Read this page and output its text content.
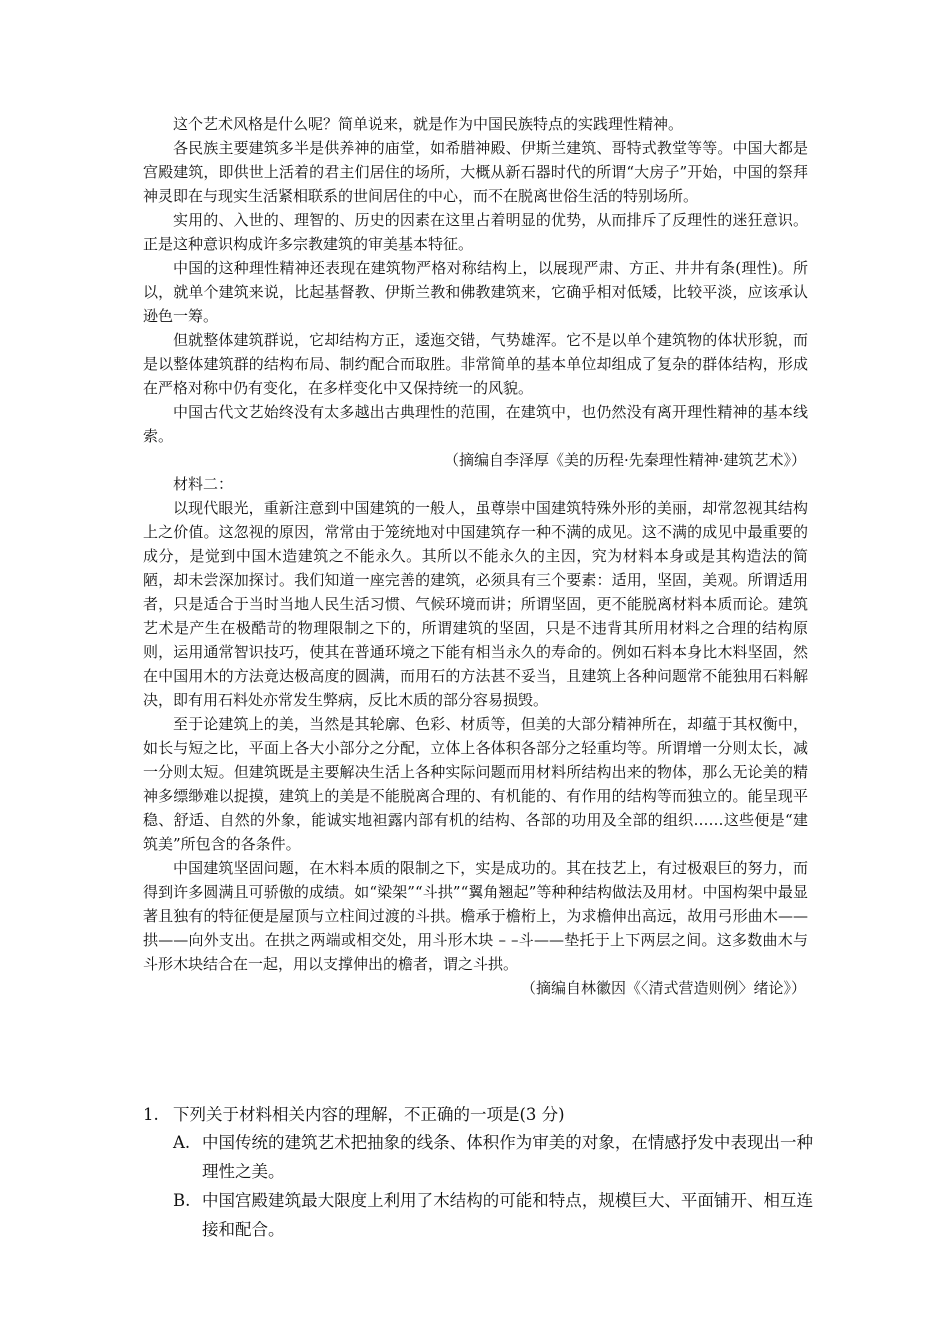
这个艺术风格是什么呢？简单说来，就是作为中国民族特点的实践理性精神。

各民族主要建筑多半是供养神的庙堂，如希腊神殿、伊斯兰建筑、哥特式教堂等等。中国大都是宫殿建筑，即供世上活着的君主们居住的场所，大概从新石器时代的所谓“大房子”开始，中国的祭拜神灵即在与现实生活紧相联系的世间居住的中心，而不在脱离世俗生活的特别场所。

实用的、入世的、理智的、历史的因素在这里占着明显的优势，从而排斥了反理性的迷狂意识。正是这种意识构成许多宗教建筑的审美基本特征。

中国的这种理性精神还表现在建筑物严格对称结构上，以展现严肃、方正、井井有条(理性)。所以，就单个建筑来说，比起基督教、伊斯兰教和佛教建筑来，它确乎相对低矮，比较平淡，应该承认逊色一筹。

但就整体建筑群说，它却结构方正，逶迤交错，气势雄浑。它不是以单个建筑物的体状形貌，而是以整体建筑群的结构布局、制约配合而取胜。非常简单的基本单位却组成了复杂的群体结构，形成在严格对称中仍有变化，在多样变化中又保持统一的风貌。

中国古代文艺始终没有太多越出古典理性的范围，在建筑中，也仍然没有离开理性精神的基本线索。

（摘编自李泽厚《美的历程·先秦理性精神·建筑艺术》）

材料二：

以现代眼光，重新注意到中国建筑的一般人，虽尊崇中国建筑特殊外形的美丽，却常忽视其结构上之价值。这忽视的原因，常常由于笼统地对中国建筑存一种不满的成见。这不满的成见中最重要的成分，是觉到中国木造建筑之不能永久。其所以不能永久的主因，究为材料本身或是其构造法的简陋，却未尝深加探讨。我们知道一座完善的建筑，必须具有三个要素：适用，坚固，美观。所谓适用者，只是适合于当时当地人民生活习惯、气候环境而讲；所谓坚固，更不能脱离材料本质而论。建筑艺术是产生在极酷苛的物理限制之下的，所谓建筑的坚固，只是不违背其所用材料之合理的结构原则，运用通常智识技巧，使其在普通环境之下能有相当永久的寿命的。例如石料本身比木料坚固，然在中国用木的方法竟达极高度的圆满，而用石的方法甚不妥当，且建筑上各种问题常不能独用石料解决，即有用石料处亦常发生弊病，反比木质的部分容易损毁。

至于论建筑上的美，当然是其轮廓、色彩、材质等，但美的大部分精神所在，却蕴于其权衡中，如长与短之比，平面上各大小部分之分配，立体上各体积各部分之轻重均等。所谓增一分则太长，减一分则太短。但建筑既是主要解决生活上各种实际问题而用材料所结构出来的物体，那么无论美的精神多缥缈难以捉摸，建筑上的美是不能脱离合理的、有机能的、有作用的结构等而独立的。能呈现平稳、舒适、自然的外象，能诚实地袒露内部有机的结构、各部的功用及全部的组织……这些便是“建筑美”所包含的各条件。

中国建筑坚固问题，在木料本质的限制之下，实是成功的。其在技艺上，有过极艰巨的努力，而得到许多圆满且可骄傲的成绩。如“梁架”“斗拱”“翼角翘起”等种种结构做法及用材。中国构架中最显著且独有的特征便是屋顶与立柱间过渡的斗拱。檐承于檐桁上，为求檐伸出高远，故用弓形曲木——拱——向外支出。在拱之两端或相交处，用斗形木块 – –斗——垫托于上下两层之间。这多数曲木与斗形木块结合在一起，用以支撑伸出的檐者，谓之斗拱。

（摘编自林徽因《〈清式营造则例〉绪论》）

1. 下列关于材料相关内容的理解，不正确的一项是(3 分)

A. 中国传统的建筑艺术把抽象的线条、体积作为审美的对象，在情感抒发中表现出一种理性之美。

B. 中国宫殿建筑最大限度上利用了木结构的可能和特点，规模巨大、平面铺开、相互连接和配合。
